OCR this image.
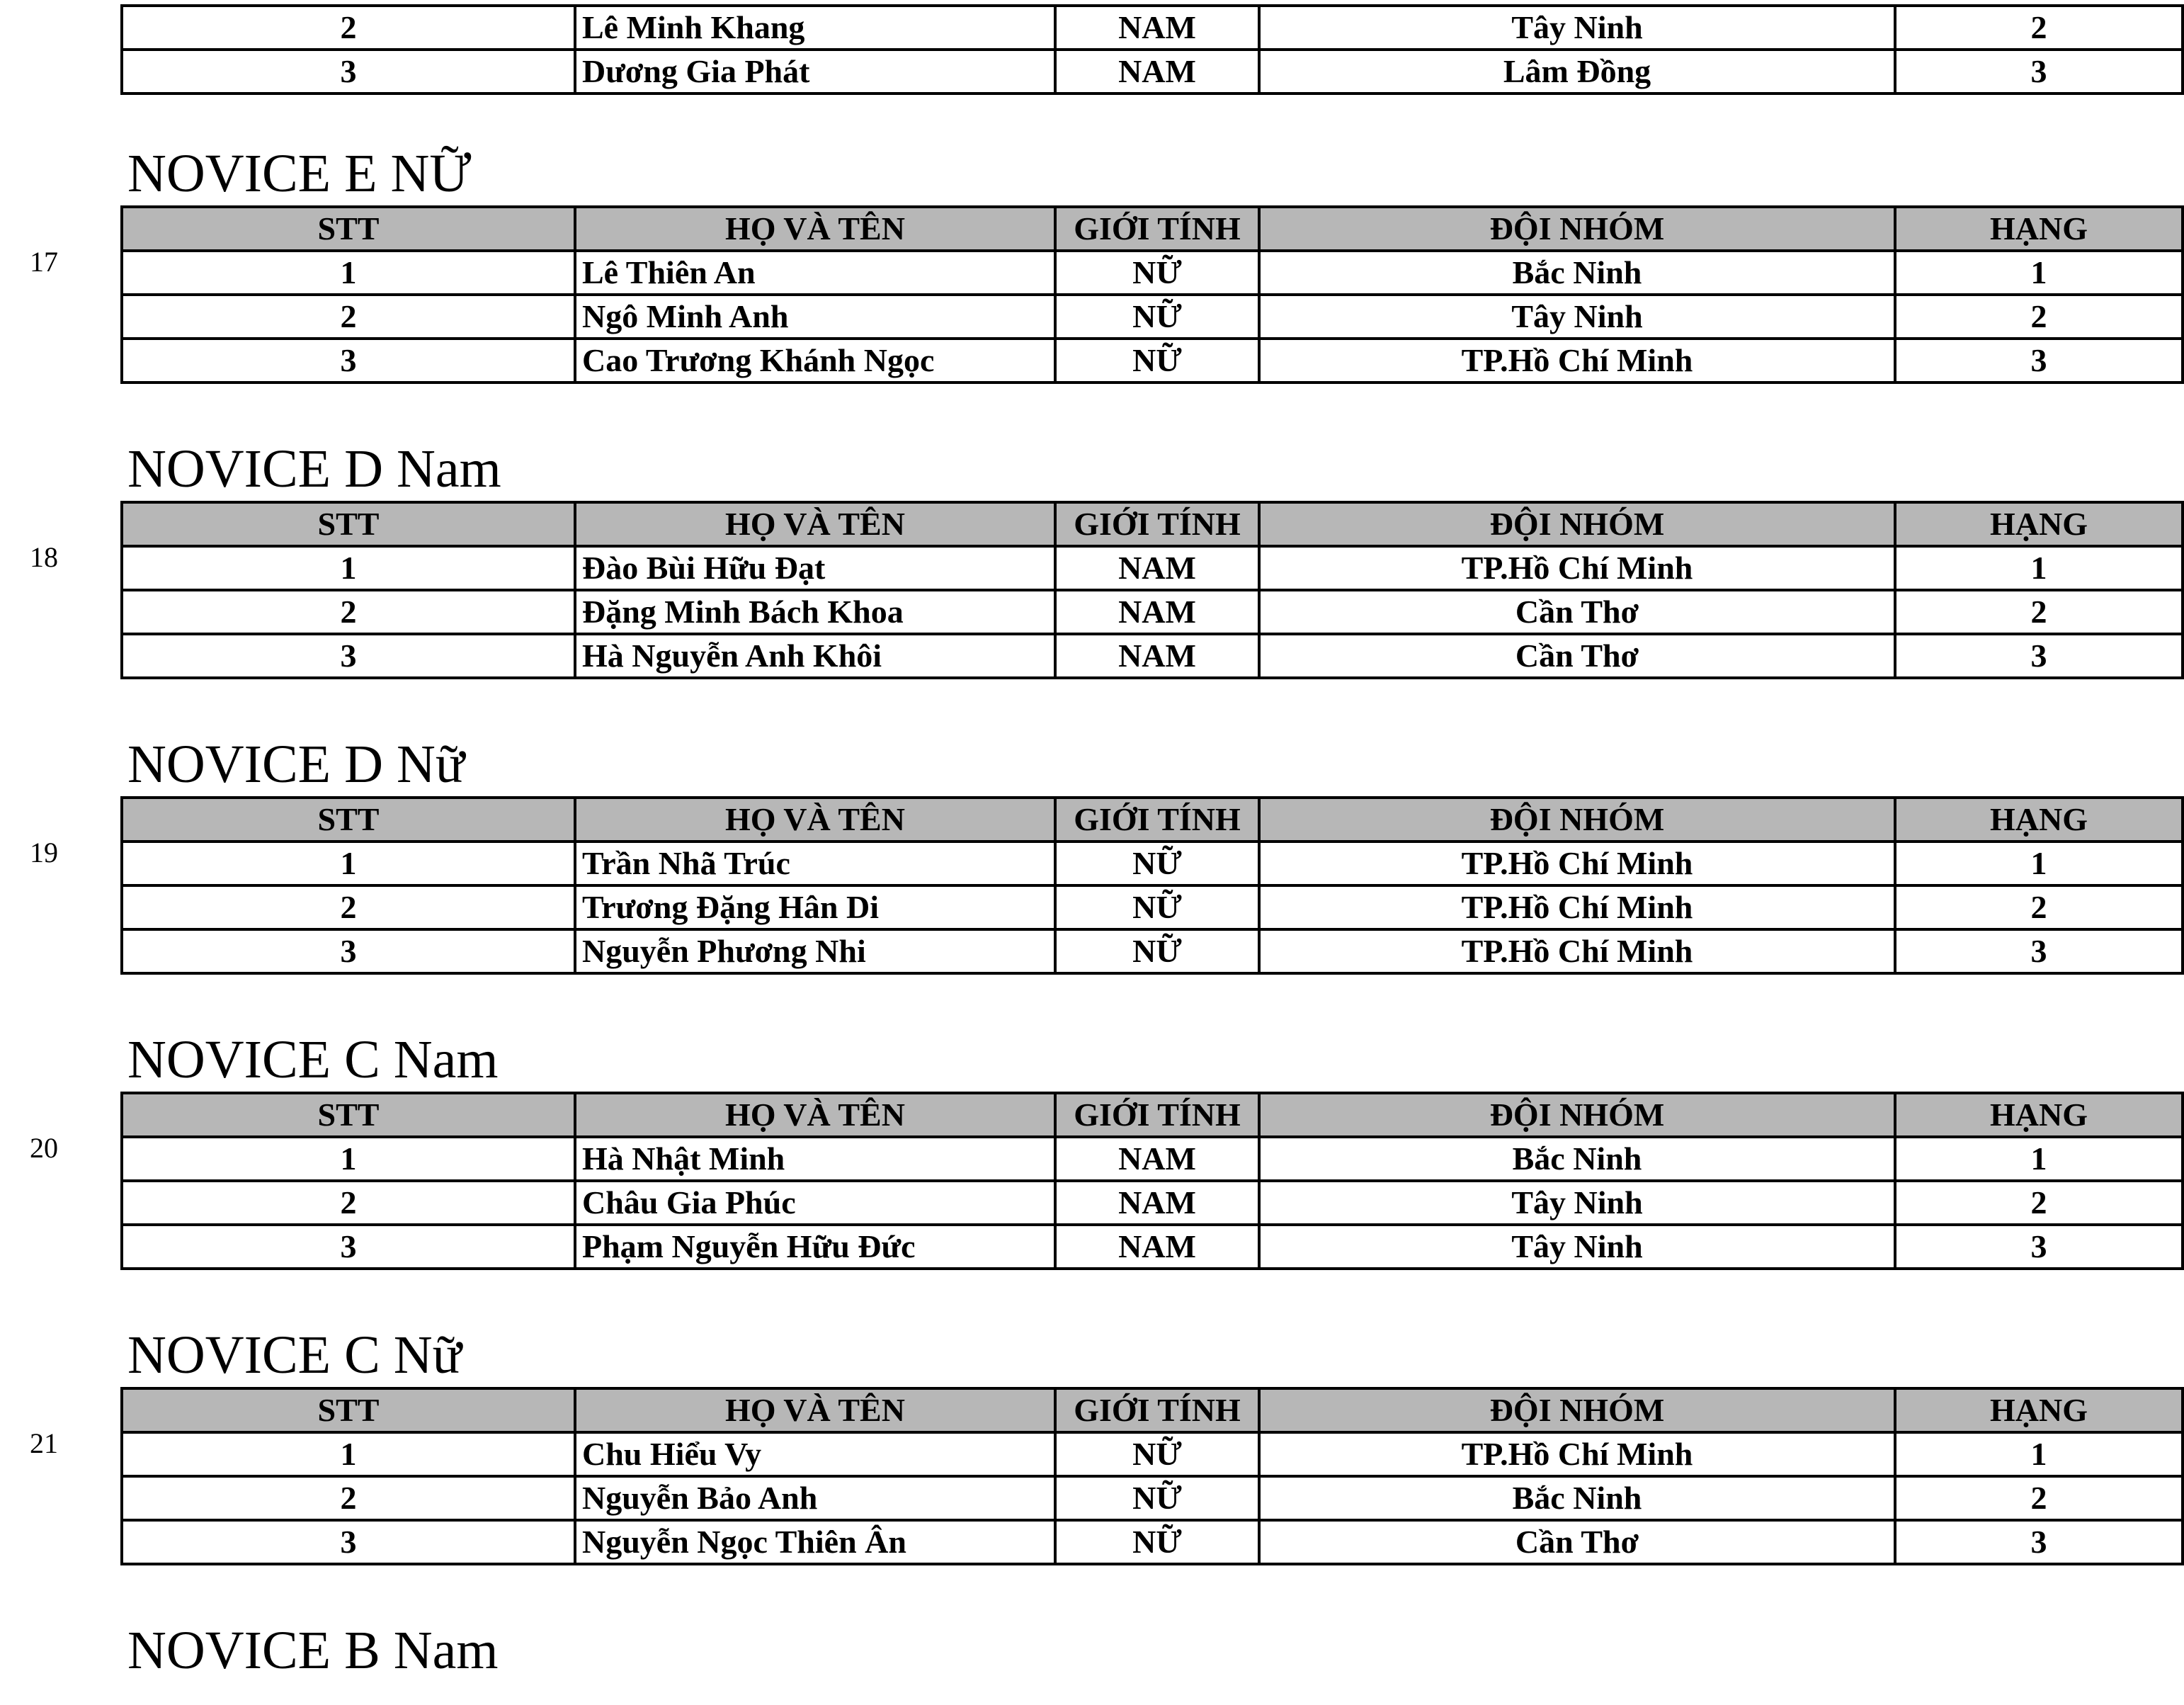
2	Lê Minh Khang	NAM	Tây Ninh	2
3	Dương Gia Phát	NAM	Lâm Đồng	3
NOVICE E NỮ
17
STT	HỌ VÀ TÊN	GIỚI TÍNH	ĐỘI NHÓM	HẠNG
1	Lê Thiên An	NỮ	Bắc Ninh	1
2	Ngô Minh Anh	NỮ	Tây Ninh	2
3	Cao Trương Khánh Ngọc	NỮ	TP.Hồ Chí Minh	3
NOVICE D Nam
18
STT	HỌ VÀ TÊN	GIỚI TÍNH	ĐỘI NHÓM	HẠNG
1	Đào Bùi Hữu Đạt	NAM	TP.Hồ Chí Minh	1
2	Đặng Minh Bách Khoa	NAM	Cần Thơ	2
3	Hà Nguyễn Anh Khôi	NAM	Cần Thơ	3
NOVICE D Nữ
19
STT	HỌ VÀ TÊN	GIỚI TÍNH	ĐỘI NHÓM	HẠNG
1	Trần Nhã Trúc	NỮ	TP.Hồ Chí Minh	1
2	Trương Đặng Hân Di	NỮ	TP.Hồ Chí Minh	2
3	Nguyễn Phương Nhi	NỮ	TP.Hồ Chí Minh	3
NOVICE C Nam
20
STT	HỌ VÀ TÊN	GIỚI TÍNH	ĐỘI NHÓM	HẠNG
1	Hà Nhật Minh	NAM	Bắc Ninh	1
2	Châu Gia Phúc	NAM	Tây Ninh	2
3	Phạm Nguyễn Hữu Đức	NAM	Tây Ninh	3
NOVICE C Nữ
21
STT	HỌ VÀ TÊN	GIỚI TÍNH	ĐỘI NHÓM	HẠNG
1	Chu Hiểu Vy	NỮ	TP.Hồ Chí Minh	1
2	Nguyễn Bảo Anh	NỮ	Bắc Ninh	2
3	Nguyễn Ngọc Thiên Ân	NỮ	Cần Thơ	3
NOVICE B Nam
